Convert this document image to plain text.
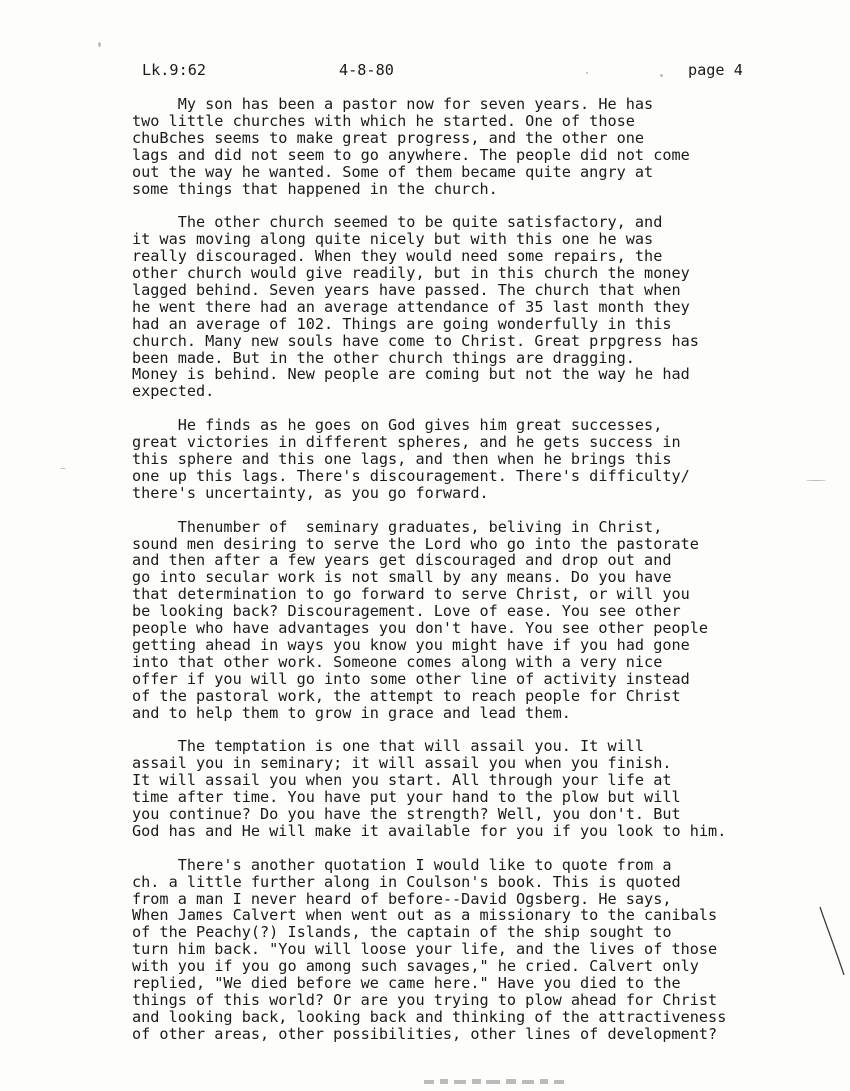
Lk.9:62	4-8-80	page 4

My son has been a pastor now for seven years. He has
two little churches with which he started. One of those
chuBches seems to make great progress, and the other one
lags and did not seem to go anywhere. The people did not come
out the way he wanted. Some of them became quite angry at
some things that happened in the church.

The other church seemed to be quite satisfactory, and
it was moving along quite nicely but with this one he was
really discouraged. When they would need some repairs, the
other church would give readily, but in this church the money
lagged behind. Seven years have passed. The church that when
he went there had an average attendance of 35 last month they
had an average of 102. Things are going wonderfully in this
church. Many new souls have come to Christ. Great prpgress has
been made. But in the other church things are dragging.
Money is behind. New people are coming but not the way he had
expected.

He finds as he goes on God gives him great successes,
great victories in different spheres, and he gets success in
this sphere and this one lags, and then when he brings this
one up this lags. There's discouragement. There's difficulty/
there's uncertainty, as you go forward.

Thenumber of  seminary graduates, beliving in Christ,
sound men desiring to serve the Lord who go into the pastorate
and then after a few years get discouraged and drop out and
go into secular work is not small by any means. Do you have
that determination to go forward to serve Christ, or will you
be looking back? Discouragement. Love of ease. You see other
people who have advantages you don't have. You see other people
getting ahead in ways you know you might have if you had gone
into that other work. Someone comes along with a very nice
offer if you will go into some other line of activity instead
of the pastoral work, the attempt to reach people for Christ
and to help them to grow in grace and lead them.

The temptation is one that will assail you. It will
assail you in seminary; it will assail you when you finish.
It will assail you when you start. All through your life at
time after time. You have put your hand to the plow but will
you continue? Do you have the strength? Well, you don't. But
God has and He will make it available for you if you look to him.

There's another quotation I would like to quote from a
ch. a little further along in Coulson's book. This is quoted
from a man I never heard of before--David Ogsberg. He says,
When James Calvert when went out as a missionary to the canibals
of the Peachy(?) Islands, the captain of the ship sought to
turn him back. "You will loose your life, and the lives of those
with you if you go among such savages," he cried. Calvert only
replied, "We died before we came here." Have you died to the
things of this world? Or are you trying to plow ahead for Christ
and looking back, looking back and thinking of the attractiveness
of other areas, other possibilities, other lines of development?
